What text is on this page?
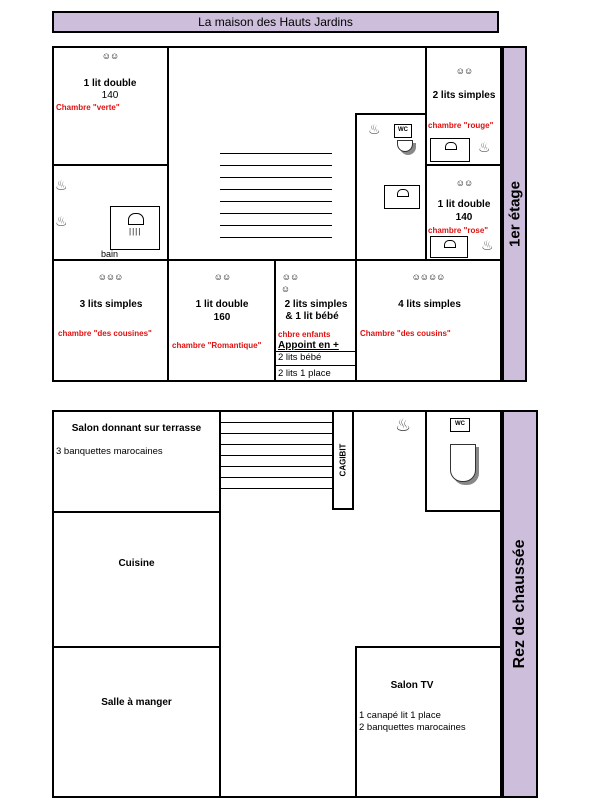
La maison des Hauts Jardins
1er étage
☺☺
1 lit double
140
Chambre "verte"
♨
♨
||||
bain
☺☺
2 lits simples
chambre "rouge"
♨	WC
♨
☺☺
1 lit double
140
chambre "rose"
♨
☺☺☺
3 lits simples
chambre "des cousines"
☺☺
1 lit double
160
chambre "Romantique"
☺☺
☺
2 lits simples
& 1 lit bébé
chbre enfants
Appoint en +
2 lits bébé
2 lits 1 place
☺☺☺☺
4 lits simples
Chambre "des cousins"
Rez de chaussée
CAGIBIT
♨	WC
Salon donnant sur terrasse
3 banquettes marocaines
Cuisine
Salle à manger
Salon TV
1 canapé lit 1 place
2 banquettes marocaines
